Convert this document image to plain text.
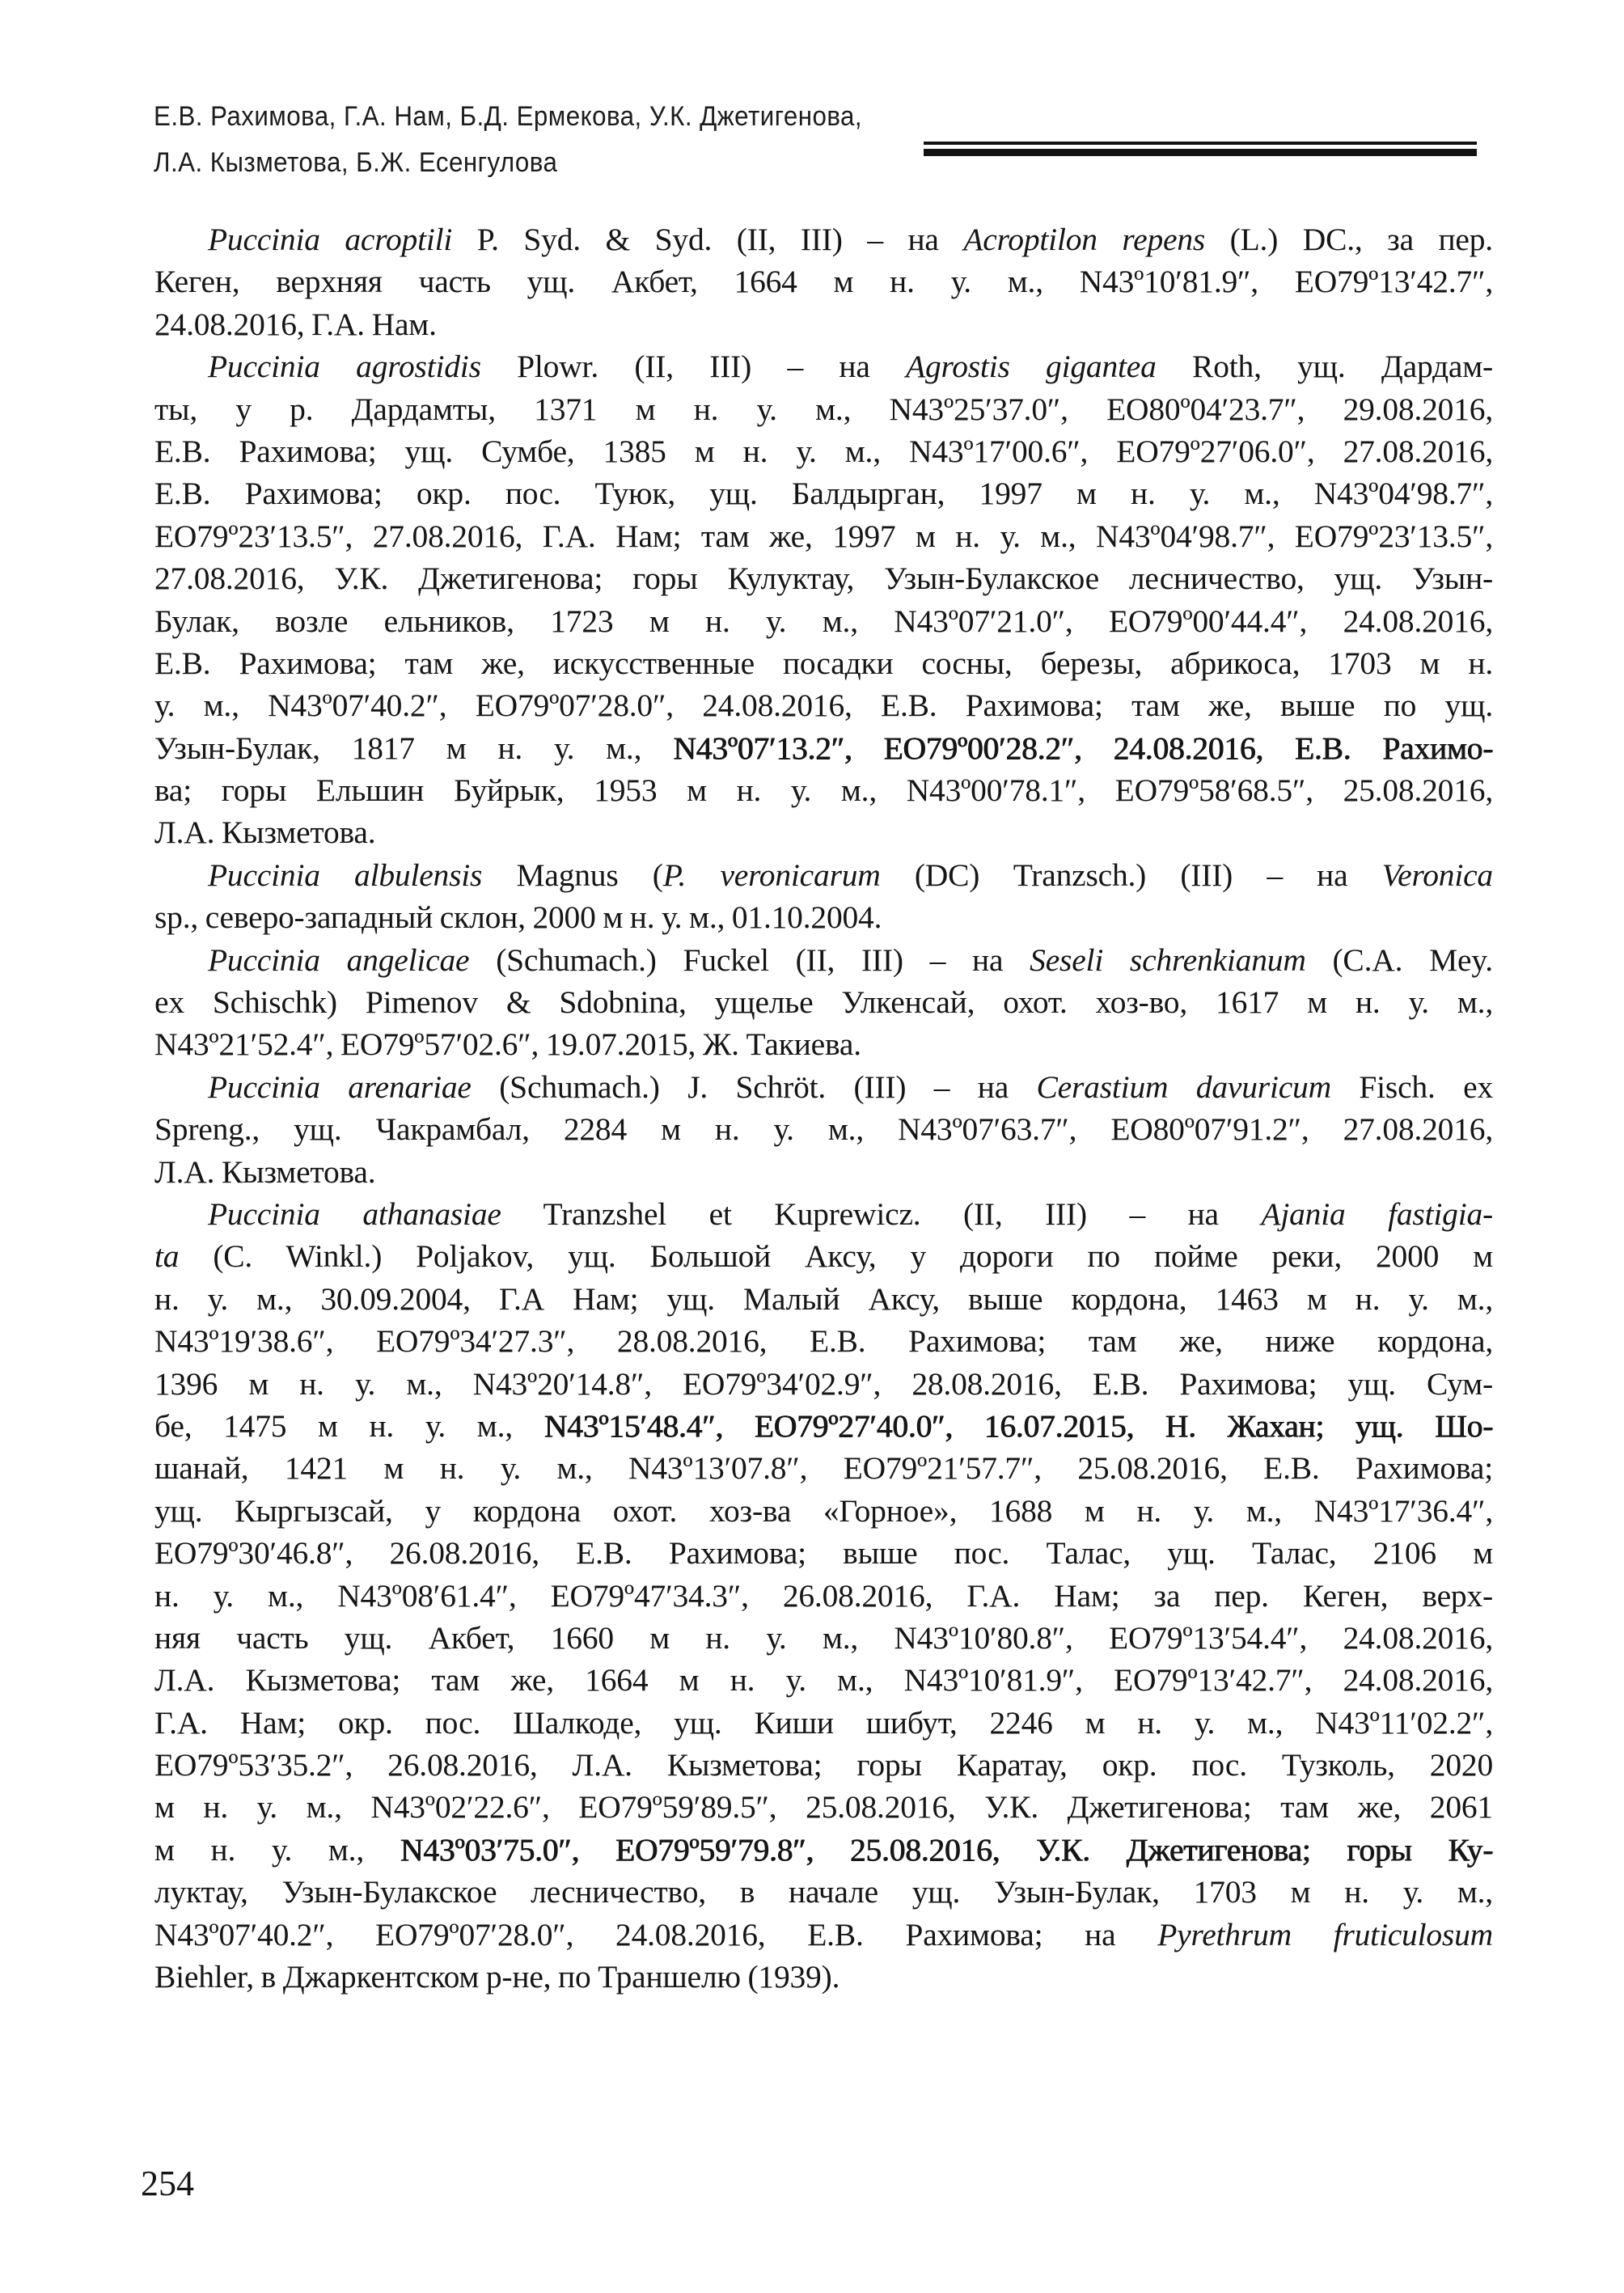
Е.В. Рахимова, Г.А. Нам, Б.Д. Ермекова, У.К. Джетигенова,
Л.А. Кызметова, Б.Ж. Есенгулова
Puccinia acroptili P. Syd. & Syd. (II, III) – на Acroptilon repens (L.) DC., за пер.
Кеген, верхняя часть ущ. Акбет, 1664 м н. у. м., N43º10′81.9″, ЕО79º13′42.7″,
24.08.2016, Г.А. Нам.
Puccinia agrostidis Plowr. (II, III) – на Agrostis gigantea Roth, ущ. Дардам-
ты, у р. Дардамты, 1371 м н. у. м., N43º25′37.0″, ЕО80º04′23.7″, 29.08.2016,
Е.В. Рахимова; ущ. Сумбе, 1385 м н. у. м., N43º17′00.6″, ЕО79º27′06.0″, 27.08.2016,
Е.В. Рахимова; окр. пос. Туюк, ущ. Балдырган, 1997 м н. у. м., N43º04′98.7″,
ЕО79º23′13.5″, 27.08.2016, Г.А. Нам; там же, 1997 м н. у. м., N43º04′98.7″, ЕО79º23′13.5″,
27.08.2016, У.К. Джетигенова; горы Кулуктау, Узын-Булакское лесничество, ущ. Узын-
Булак, возле ельников, 1723 м н. у. м., N43º07′21.0″, ЕО79º00′44.4″, 24.08.2016,
Е.В. Рахимова; там же, искусственные посадки сосны, березы, абрикоса, 1703 м н.
у. м., N43º07′40.2″, ЕО79º07′28.0″, 24.08.2016, Е.В. Рахимова; там же, выше по ущ.
Узын-Булак, 1817 м н. у. м., N43º07′13.2″, ЕО79º00′28.2″, 24.08.2016, Е.В. Рахимо-
ва; горы Ельшин Буйрык, 1953 м н. у. м., N43º00′78.1″, ЕО79º58′68.5″, 25.08.2016,
Л.А. Кызметова.
Puccinia albulensis Magnus (P. veronicarum (DC) Tranzsch.) (III) – на Veronica
sp., северо-западный склон, 2000 м н. у. м., 01.10.2004.
Puccinia angelicae (Schumach.) Fuckel (II, III) – на Seseli schrenkianum (C.A. Mey.
ex Schischk) Pimenov & Sdobnina, ущелье Улкенсай, охот. хоз-во, 1617 м н. у. м.,
N43º21′52.4″, ЕО79º57′02.6″, 19.07.2015, Ж. Такиева.
Puccinia arenariae (Schumach.) J. Schröt. (III) – на Cerastium davuricum Fisch. ex
Spreng., ущ. Чакрамбал, 2284 м н. у. м., N43º07′63.7″, ЕО80º07′91.2″, 27.08.2016,
Л.А. Кызметова.
Puccinia athanasiae Tranzshel et Kuprewicz. (II, III) – на Ajania fastigia-
ta (C. Winkl.) Poljakov, ущ. Большой Аксу, у дороги по пойме реки, 2000 м
н. у. м., 30.09.2004, Г.А Нам; ущ. Малый Аксу, выше кордона, 1463 м н. у. м.,
N43º19′38.6″, ЕО79º34′27.3″, 28.08.2016, Е.В. Рахимова; там же, ниже кордона,
1396 м н. у. м., N43º20′14.8″, ЕО79º34′02.9″, 28.08.2016, Е.В. Рахимова; ущ. Сум-
бе, 1475 м н. у. м., N43º15′48.4″, ЕО79º27′40.0″, 16.07.2015, Н. Жахан; ущ. Шо-
шанай, 1421 м н. у. м., N43º13′07.8″, ЕО79º21′57.7″, 25.08.2016, Е.В. Рахимова;
ущ. Кыргызсай, у кордона охот. хоз-ва «Горное», 1688 м н. у. м., N43º17′36.4″,
ЕО79º30′46.8″, 26.08.2016, Е.В. Рахимова; выше пос. Талас, ущ. Талас, 2106 м
н. у. м., N43º08′61.4″, ЕО79º47′34.3″, 26.08.2016, Г.А. Нам; за пер. Кеген, верх-
няя часть ущ. Акбет, 1660 м н. у. м., N43º10′80.8″, ЕО79º13′54.4″, 24.08.2016,
Л.А. Кызметова; там же, 1664 м н. у. м., N43º10′81.9″, ЕО79º13′42.7″, 24.08.2016,
Г.А. Нам; окр. пос. Шалкоде, ущ. Киши шибут, 2246 м н. у. м., N43º11′02.2″,
ЕО79º53′35.2″, 26.08.2016, Л.А. Кызметова; горы Каратау, окр. пос. Тузколь, 2020
м н. у. м., N43º02′22.6″, ЕО79º59′89.5″, 25.08.2016, У.К. Джетигенова; там же, 2061
м н. у. м., N43º03′75.0″, ЕО79º59′79.8″, 25.08.2016, У.К. Джетигенова; горы Ку-
луктау, Узын-Булакское лесничество, в начале ущ. Узын-Булак, 1703 м н. у. м.,
N43º07′40.2″, ЕО79º07′28.0″, 24.08.2016, Е.В. Рахимова; на Pyrethrum fruticulosum
Biehler, в Джаркентском р-не, по Траншелю (1939).
254
